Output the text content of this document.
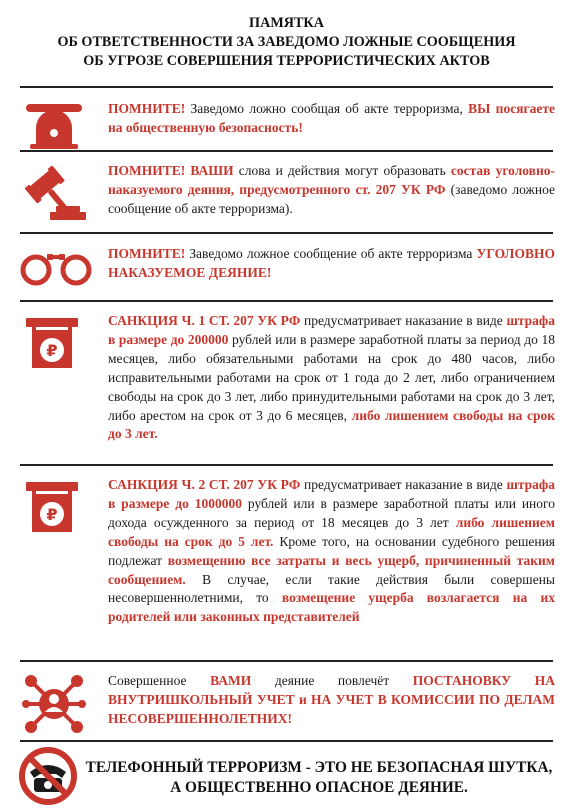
ПАМЯТКА
ОБ ОТВЕТСТВЕННОСТИ ЗА ЗАВЕДОМО ЛОЖНЫЕ СООБЩЕНИЯ
ОБ УГРОЗЕ СОВЕРШЕНИЯ ТЕРРОРИСТИЧЕСКИХ АКТОВ
ПОМНИТЕ! Заведомо ложно сообщая об акте терроризма, ВЫ посягаете на общественную безопасность!
ПОМНИТЕ! ВАШИ слова и действия могут образовать состав уголовно-наказуемого деяния, предусмотренного ст. 207 УК РФ (заведомо ложное сообщение об акте терроризма).
ПОМНИТЕ! Заведомо ложное сообщение об акте терроризма УГОЛОВНО НАКАЗУЕМОЕ ДЕЯНИЕ!
₽
САНКЦИЯ Ч. 1 СТ. 207 УК РФ предусматривает наказание в виде штрафа в размере до 200000 рублей или в размере заработной платы за период до 18 месяцев, либо обязательными работами на срок до 480 часов, либо исправительными работами на срок от 1 года до 2 лет, либо ограничением свободы на срок до 3 лет, либо принудительными работами на срок до 3 лет, либо арестом на срок от 3 до 6 месяцев, либо лишением свободы на срок до 3 лет.
₽
САНКЦИЯ Ч. 2 СТ. 207 УК РФ предусматривает наказание в виде штрафа в размере до 1000000 рублей или в размере заработной платы или иного дохода осужденного за период от 18 месяцев до 3 лет либо лишением свободы на срок до 5 лет. Кроме того, на основании судебного решения подлежат возмещению все затраты и весь ущерб, причиненный таким сообщением. В случае, если такие действия были совершены несовершеннолетними, то возмещение ущерба возлагается на их родителей или законных представителей
Совершенное ВАМИ деяние повлечёт ПОСТАНОВКУ НА ВНУТРИШКОЛЬНЫЙ УЧЕТ и НА УЧЕТ В КОМИССИИ ПО ДЕЛАМ НЕСОВЕРШЕННОЛЕТНИХ!
ТЕЛЕФОННЫЙ ТЕРРОРИЗМ - ЭТО НЕ БЕЗОПАСНАЯ ШУТКА,
А ОБЩЕСТВЕННО ОПАСНОЕ ДЕЯНИЕ.
